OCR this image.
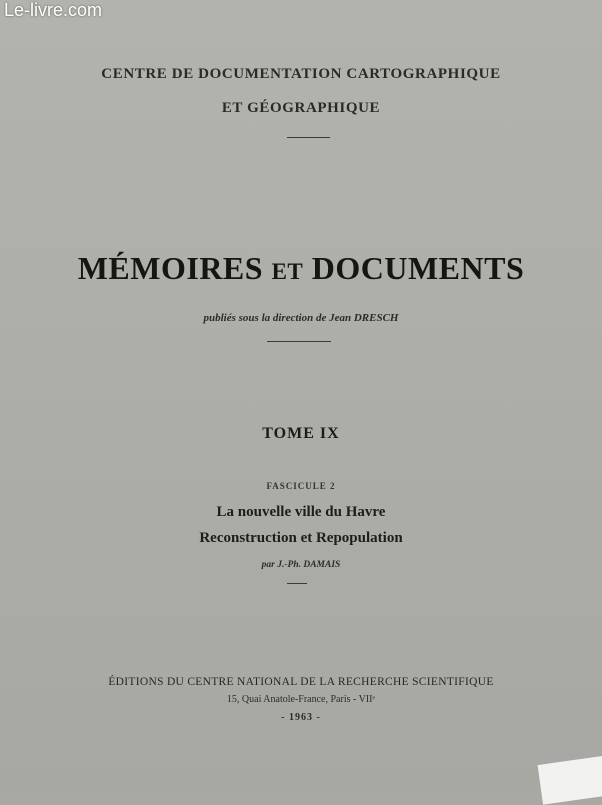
Le-livre.com
CENTRE DE DOCUMENTATION CARTOGRAPHIQUE
ET GÉOGRAPHIQUE
MÉMOIRES ET DOCUMENTS
publiés sous la direction de Jean DRESCH
TOME IX
FASCICULE 2
La nouvelle ville du Havre
Reconstruction et Repopulation
par J.-Ph. DAMAIS
ÉDITIONS DU CENTRE NATIONAL DE LA RECHERCHE SCIENTIFIQUE
15, Quai Anatole-France, Paris - VIIᵉ
- 1963 -
